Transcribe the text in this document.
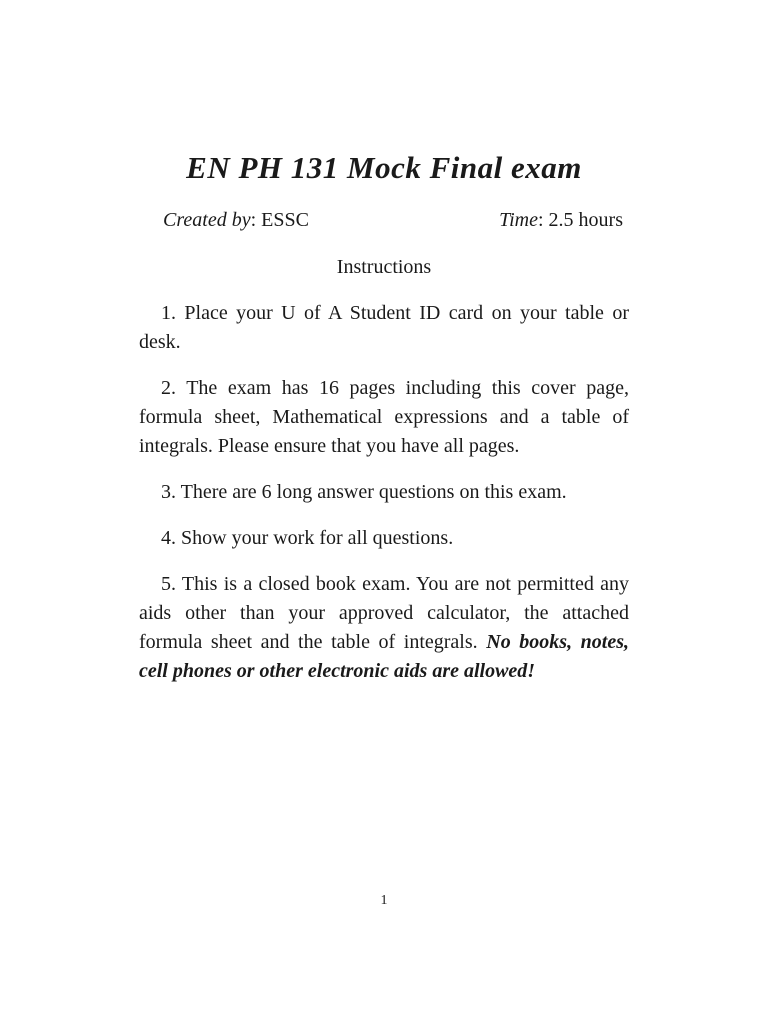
EN PH 131 Mock Final exam
Created by: ESSC	Time: 2.5 hours
Instructions

1. Place your U of A Student ID card on your table or desk.

2. The exam has 16 pages including this cover page, formula sheet, Mathematical expressions and a table of integrals. Please ensure that you have all pages.

3. There are 6 long answer questions on this exam.

4. Show your work for all questions.

5. This is a closed book exam. You are not permitted any aids other than your approved calculator, the attached formula sheet and the table of integrals. No books, notes, cell phones or other electronic aids are allowed!

1
